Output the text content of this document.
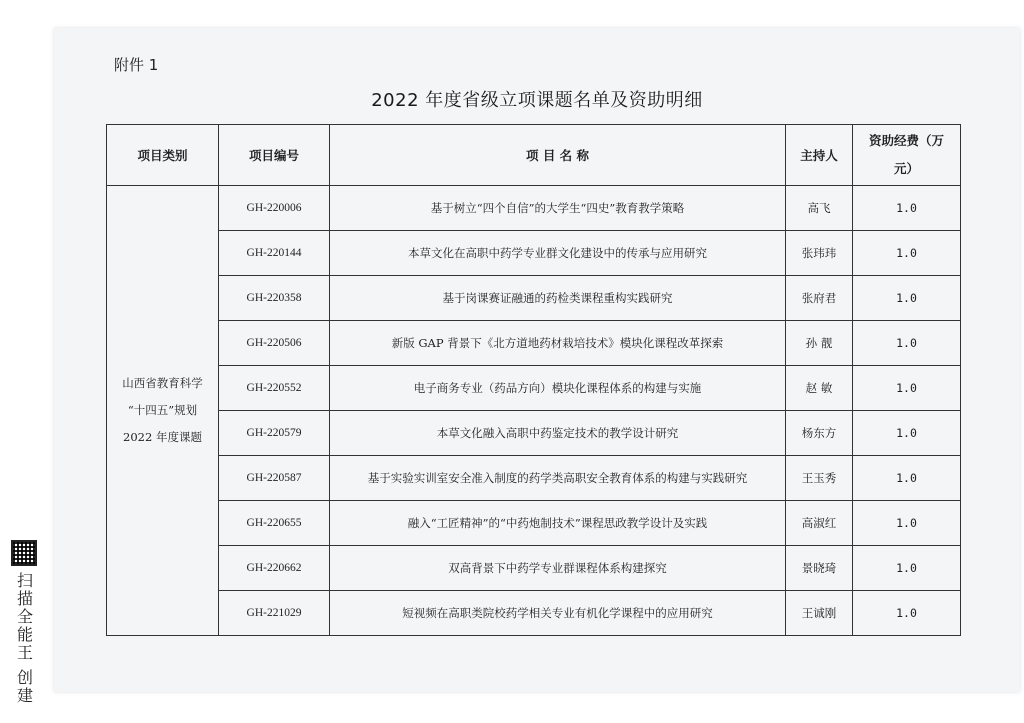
附件 1
2022 年度省级立项课题名单及资助明细
项目类别	项目编号	项 目 名 称	主持人	资助经费（万
元）

山西省教育科学
“十四五”规划
2022 年度课题	GH-220006	基于树立“四个自信”的大学生“四史”教育教学策略	高飞	1.0
	GH-220144	本草文化在高职中药学专业群文化建设中的传承与应用研究	张玮玮	1.0
	GH-220358	基于岗课赛证融通的药检类课程重构实践研究	张府君	1.0
	GH-220506	新版 GAP 背景下《北方道地药材栽培技术》模块化课程改革探索	孙 靓	1.0
	GH-220552	电子商务专业（药品方向）模块化课程体系的构建与实施	赵 敏	1.0
	GH-220579	本草文化融入高职中药鉴定技术的教学设计研究	杨东方	1.0
	GH-220587	基于实验实训室安全准入制度的药学类高职安全教育体系的构建与实践研究	王玉秀	1.0
	GH-220655	融入“工匠精神”的“中药炮制技术”课程思政教学设计及实践	高淑红	1.0
	GH-220662	双高背景下中药学专业群课程体系构建探究	景晓琦	1.0
	GH-221029	短视频在高职类院校药学相关专业有机化学课程中的应用研究	王诚刚	1.0
扫描全能王 创建
